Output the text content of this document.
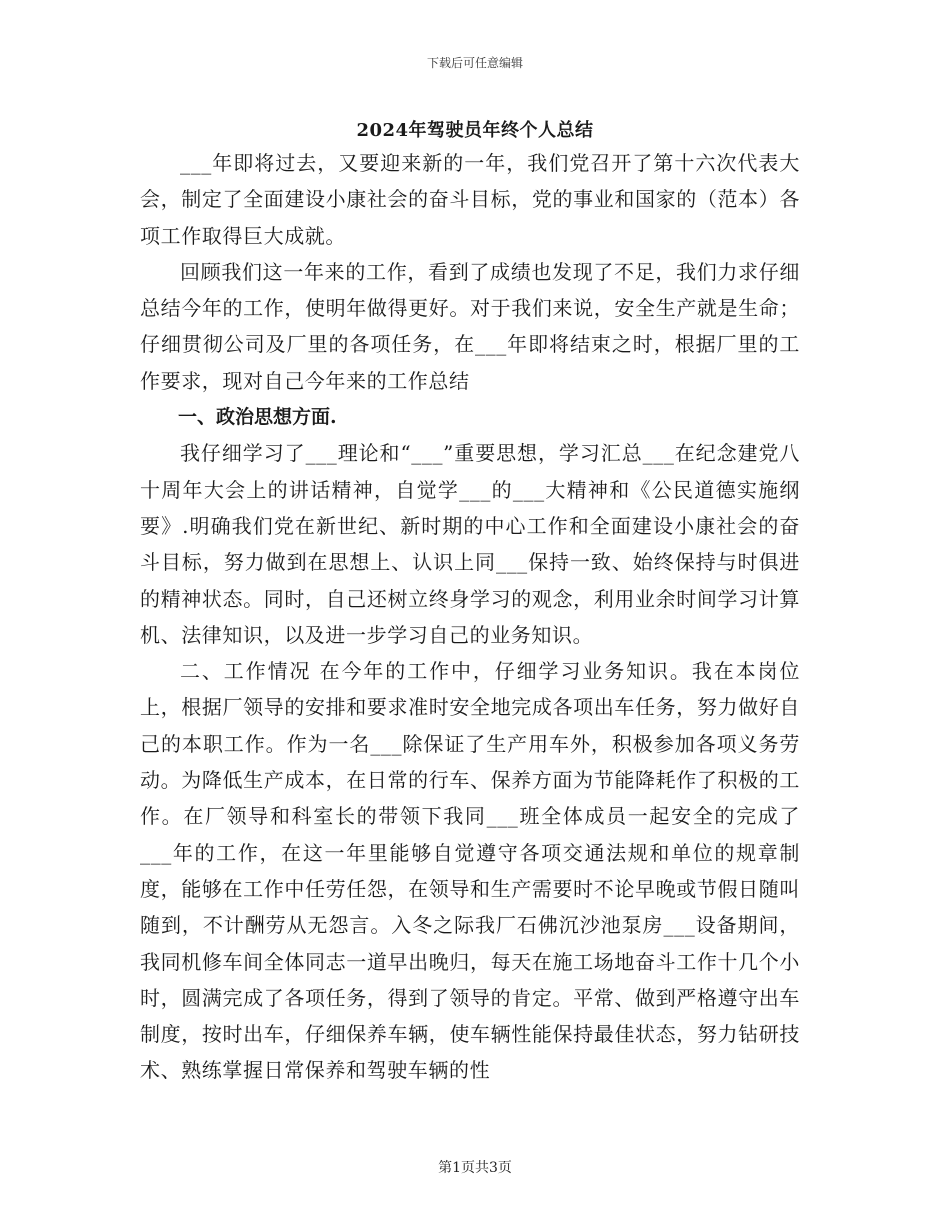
下载后可任意编辑
2024年驾驶员年终个人总结

___年即将过去，又要迎来新的一年，我们党召开了第十六次代表大会，制定了全面建设小康社会的奋斗目标，党的事业和国家的（范本）各项工作取得巨大成就。

回顾我们这一年来的工作，看到了成绩也发现了不足，我们力求仔细总结今年的工作，使明年做得更好。对于我们来说，安全生产就是生命；仔细贯彻公司及厂里的各项任务，在___年即将结束之时，根据厂里的工作要求，现对自己今年来的工作总结

一、政治思想方面.

我仔细学习了___理论和“___”重要思想，学习汇总___在纪念建党八十周年大会上的讲话精神，自觉学___的___大精神和《公民道德实施纲要》.明确我们党在新世纪、新时期的中心工作和全面建设小康社会的奋斗目标，努力做到在思想上、认识上同___保持一致、始终保持与时俱进的精神状态。同时，自己还树立终身学习的观念，利用业余时间学习计算机、法律知识，以及进一步学习自己的业务知识。

二、工作情况 在今年的工作中，仔细学习业务知识。我在本岗位上，根据厂领导的安排和要求准时安全地完成各项出车任务，努力做好自己的本职工作。作为一名___除保证了生产用车外，积极参加各项义务劳动。为降低生产成本，在日常的行车、保养方面为节能降耗作了积极的工作。在厂领导和科室长的带领下我同___班全体成员一起安全的完成了___年的工作，在这一年里能够自觉遵守各项交通法规和单位的规章制度，能够在工作中任劳任怨，在领导和生产需要时不论早晚或节假日随叫随到，不计酬劳从无怨言。入冬之际我厂石佛沉沙池泵房___设备期间，我同机修车间全体同志一道早出晚归，每天在施工场地奋斗工作十几个小时，圆满完成了各项任务，得到了领导的肯定。平常、做到严格遵守出车制度，按时出车，仔细保养车辆，使车辆性能保持最佳状态，努力钻研技术、熟练掌握日常保养和驾驶车辆的性

第1页共3页
